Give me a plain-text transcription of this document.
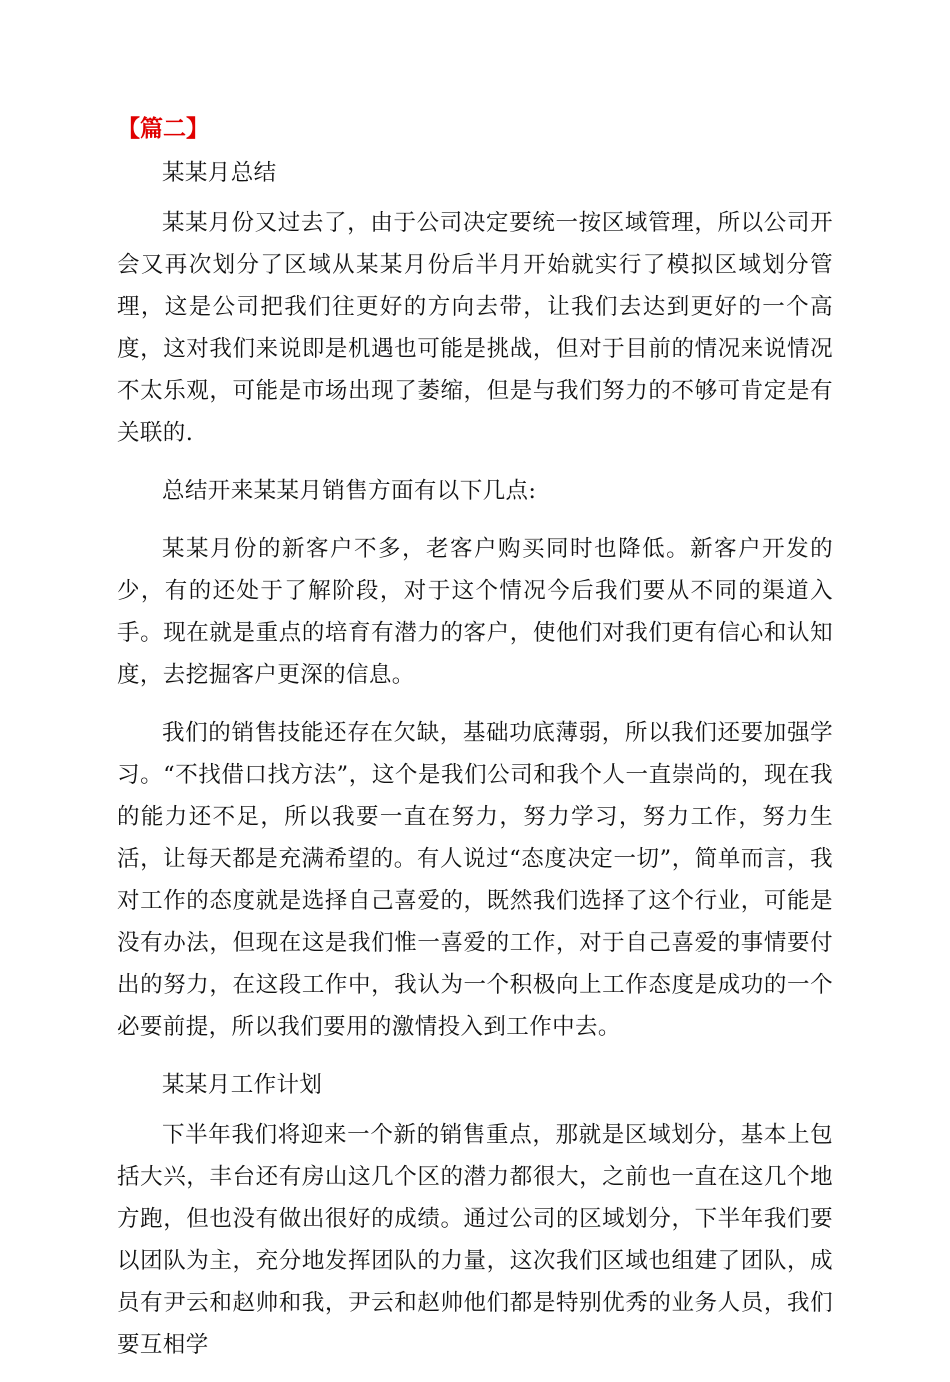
【篇二】

某某月总结

某某月份又过去了，由于公司决定要统一按区域管理，所以公司开会又再次划分了区域从某某月份后半月开始就实行了模拟区域划分管理，这是公司把我们往更好的方向去带，让我们去达到更好的一个高度，这对我们来说即是机遇也可能是挑战，但对于目前的情况来说情况不太乐观，可能是市场出现了萎缩，但是与我们努力的不够可肯定是有关联的.

总结开来某某月销售方面有以下几点:

某某月份的新客户不多，老客户购买同时也降低。新客户开发的少，有的还处于了解阶段，对于这个情况今后我们要从不同的渠道入手。现在就是重点的培育有潜力的客户，使他们对我们更有信心和认知度，去挖掘客户更深的信息。

我们的销售技能还存在欠缺，基础功底薄弱，所以我们还要加强学习。“不找借口找方法”，这个是我们公司和我个人一直崇尚的，现在我的能力还不足，所以我要一直在努力，努力学习，努力工作，努力生活，让每天都是充满希望的。有人说过“态度决定一切”，简单而言，我对工作的态度就是选择自己喜爱的，既然我们选择了这个行业，可能是没有办法，但现在这是我们惟一喜爱的工作，对于自己喜爱的事情要付出的努力，在这段工作中，我认为一个积极向上工作态度是成功的一个必要前提，所以我们要用的激情投入到工作中去。

某某月工作计划

下半年我们将迎来一个新的销售重点，那就是区域划分，基本上包括大兴，丰台还有房山这几个区的潜力都很大，之前也一直在这几个地方跑，但也没有做出很好的成绩。通过公司的区域划分，下半年我们要以团队为主，充分地发挥团队的力量，这次我们区域也组建了团队，成员有尹云和赵帅和我，尹云和赵帅他们都是特别优秀的业务人员，我们要互相学
